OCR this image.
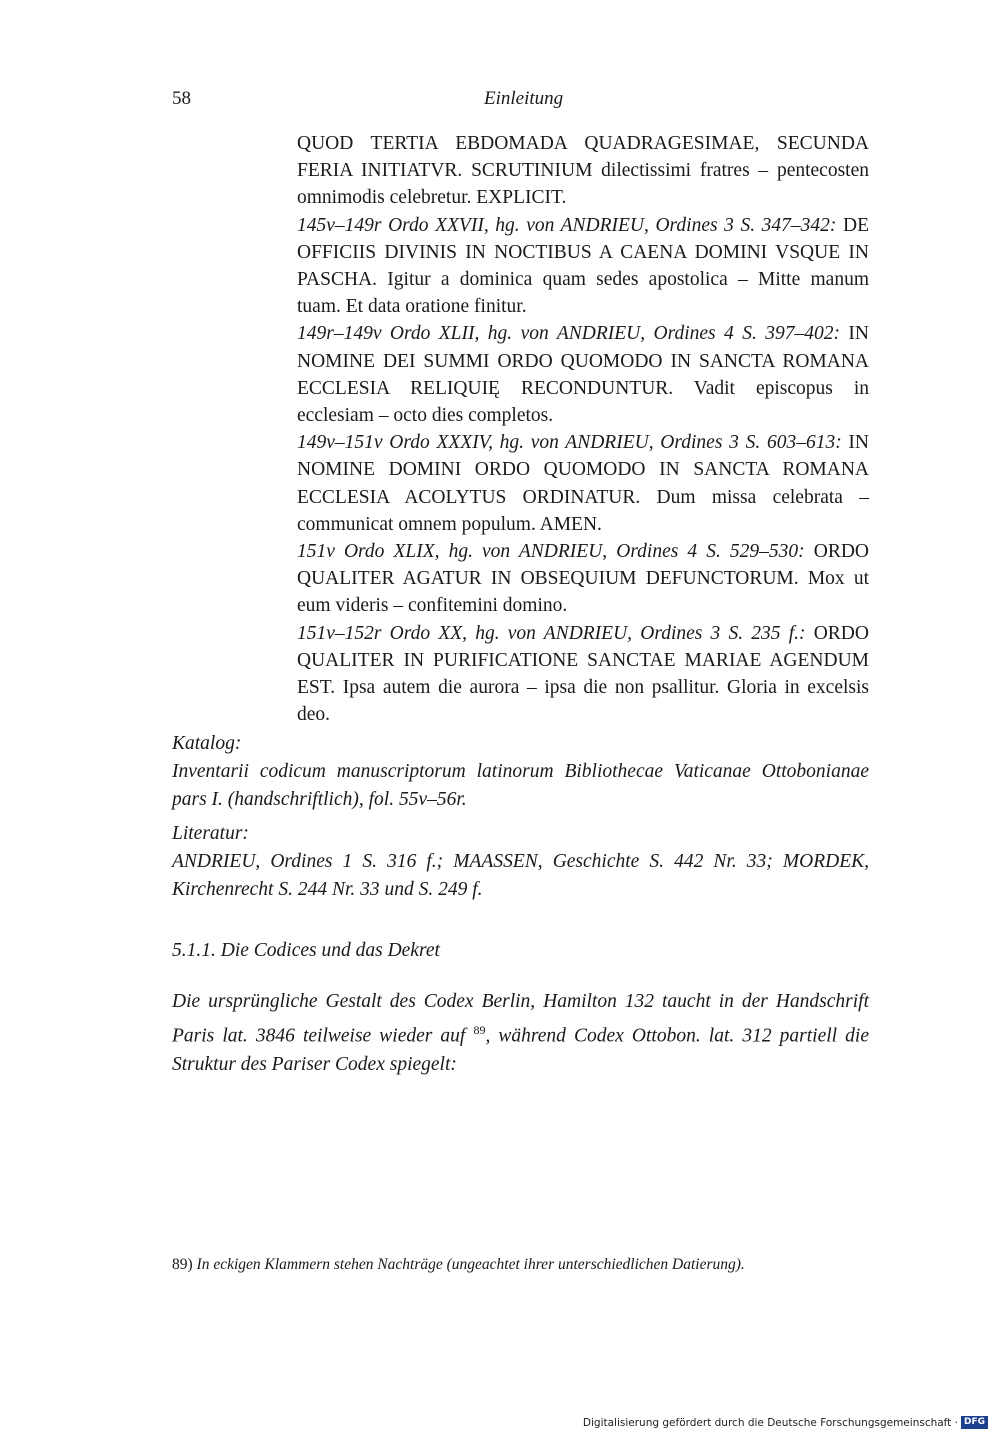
58	Einleitung

QUOD TERTIA EBDOMADA QUADRAGESIMAE, SECUNDA FERIA INITIATVR. SCRUTINIUM dilectissimi fratres – pentecosten omnimodis celebretur. EXPLICIT.

145v–149r Ordo XXVII, hg. von ANDRIEU, Ordines 3 S. 347–342: DE OFFICIIS DIVINIS IN NOCTIBUS A CAENA DOMINI VSQUE IN PASCHA. Igitur a dominica quam sedes apostolica – Mitte manum tuam. Et data oratione finitur.

149r–149v Ordo XLII, hg. von ANDRIEU, Ordines 4 S. 397–402: IN NOMINE DEI SUMMI ORDO QUOMODO IN SANCTA ROMANA ECCLESIA RELIQUIĘ RECONDUNTUR. Vadit episcopus in ecclesiam – octo dies completos.

149v–151v Ordo XXXIV, hg. von ANDRIEU, Ordines 3 S. 603–613: IN NOMINE DOMINI ORDO QUOMODO IN SANCTA ROMANA ECCLESIA ACOLYTUS ORDINATUR. Dum missa celebrata – communicat omnem populum. AMEN.

151v Ordo XLIX, hg. von ANDRIEU, Ordines 4 S. 529–530: ORDO QUALITER AGATUR IN OBSEQUIUM DEFUNCTORUM. Mox ut eum videris – confitemini domino.

151v–152r Ordo XX, hg. von ANDRIEU, Ordines 3 S. 235 f.: ORDO QUALITER IN PURIFICATIONE SANCTAE MARIAE AGENDUM EST. Ipsa autem die aurora – ipsa die non psallitur. Gloria in excelsis deo.

Katalog:

Inventarii codicum manuscriptorum latinorum Bibliothecae Vaticanae Ottobonianae pars I. (handschriftlich), fol. 55v–56r.

Literatur:

ANDRIEU, Ordines 1 S. 316 f.; MAASSEN, Geschichte S. 442 Nr. 33; MORDEK, Kirchenrecht S. 244 Nr. 33 und S. 249 f.

5.1.1. Die Codices und das Dekret

Die ursprüngliche Gestalt des Codex Berlin, Hamilton 132 taucht in der Handschrift Paris lat. 3846 teilweise wieder auf $^{89}$, während Codex Ottobon. lat. 312 partiell die Struktur des Pariser Codex spiegelt:

89) In eckigen Klammern stehen Nachträge (ungeachtet ihrer unterschiedlichen Datierung).
Digitalisierung gefördert durch die Deutsche Forschungsgemeinschaft · DFG
